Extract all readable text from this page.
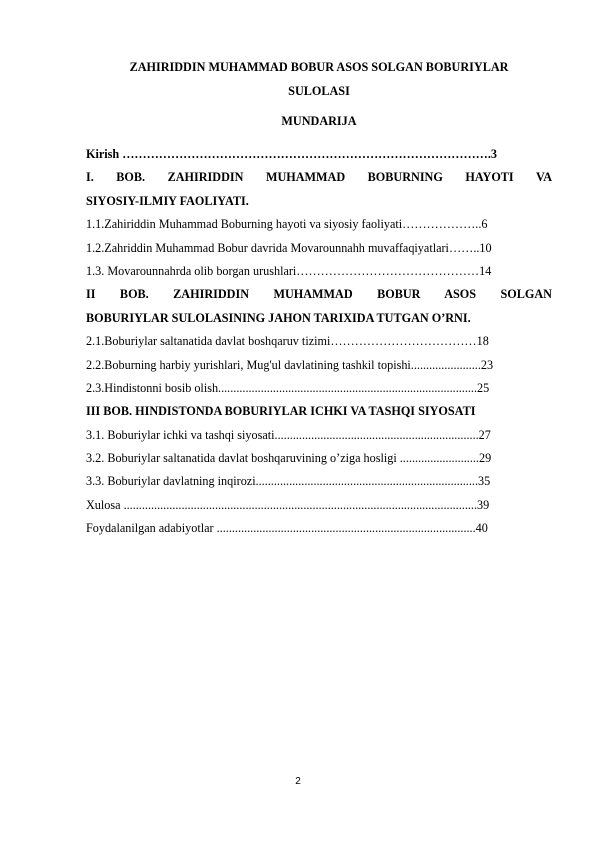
ZAHIRIDDIN MUHAMMAD BOBUR ASOS SOLGAN BOBURIYLAR
SULOLASI
MUNDARIJA
Kirish ……………………………………………………………………………….3
I. BOB. ZAHIRIDDIN MUHAMMAD BOBURNING HAYOTI VA
SIYOSIY-ILMIY FAOLIYATI.
1.1.Zahiriddin Muhammad Boburning hayoti va siyosiy faoliyati………………..6
1.2.Zahriddin Muhammad Bobur davrida Movarounnahh muvaffaqiyatlari……..10
1.3. Movarounnahrda olib borgan urushlari………………………………………14
II BOB. ZAHIRIDDIN MUHAMMAD BOBUR ASOS SOLGAN
BOBURIYLAR SULOLASINING JAHON TARIXIDA TUTGAN O’RNI.
2.1.Boburiylar saltanatida davlat boshqaruv tizimi………………………………18
2.2.Boburning harbiy yurishlari, Mug'ul davlatining tashkil topishi.......................23
2.3.Hindistonni bosib olish.....................................................................................25
III BOB. HINDISTONDA BOBURIYLAR ICHKI VA TASHQI SIYOSATI
3.1. Boburiylar ichki va tashqi siyosati...................................................................27
3.2. Boburiylar saltanatida davlat boshqaruvining o’ziga hosligi ..........................29
3.3. Boburiylar davlatning inqirozi.........................................................................35
Xulosa ....................................................................................................................39
Foydalanilgan adabiyotlar .....................................................................................40
2
